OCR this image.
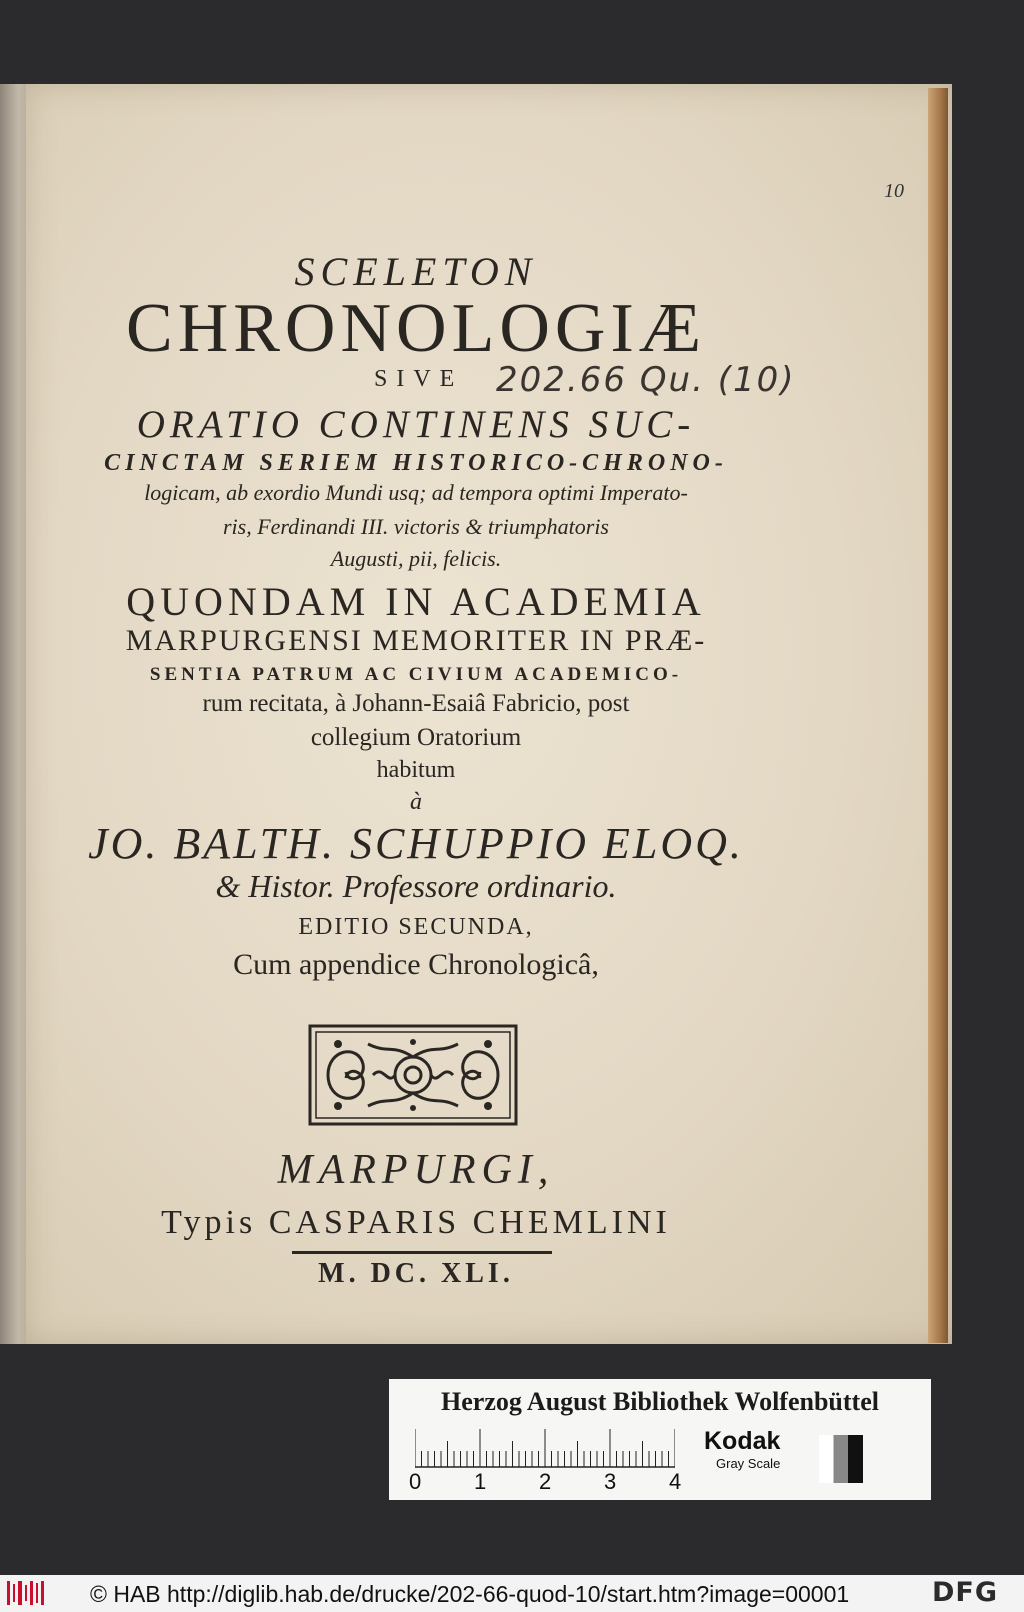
10
SCELETON
CHRONOLOGIÆ
SIVE 202.66 Qu. (10)
ORATIO CONTINENS SUC-
CINCTAM SERIEM HISTORICO-CHRONO-
logicam, ab exordio Mundi usq; ad tempora optimi Imperato-
ris, Ferdinandi III. victoris & triumphatoris
Augusti, pii, felicis.
QUONDAM IN ACADEMIA
MARPURGENSI MEMORITER IN PRÆ-
SENTIA PATRUM AC CIVIUM ACADEMICO-
rum recitata, à Johann-Esaiâ Fabricio, post
collegium Oratorium
habitum
à
JO. BALTH. SCHUPPIO ELOQ.
& Histor. Professore ordinario.
EDITIO SECUNDA,
Cum appendice Chronologicâ,
MARPURGI,
Typis CASPARIS CHEMLINI
M. DC. XLI.
Herzog August Bibliothek Wolfenbüttel
0 1 2 3 4
Kodak
Gray Scale
© HAB http://diglib.hab.de/drucke/202-66-quod-10/start.htm?image=00001	DFG
